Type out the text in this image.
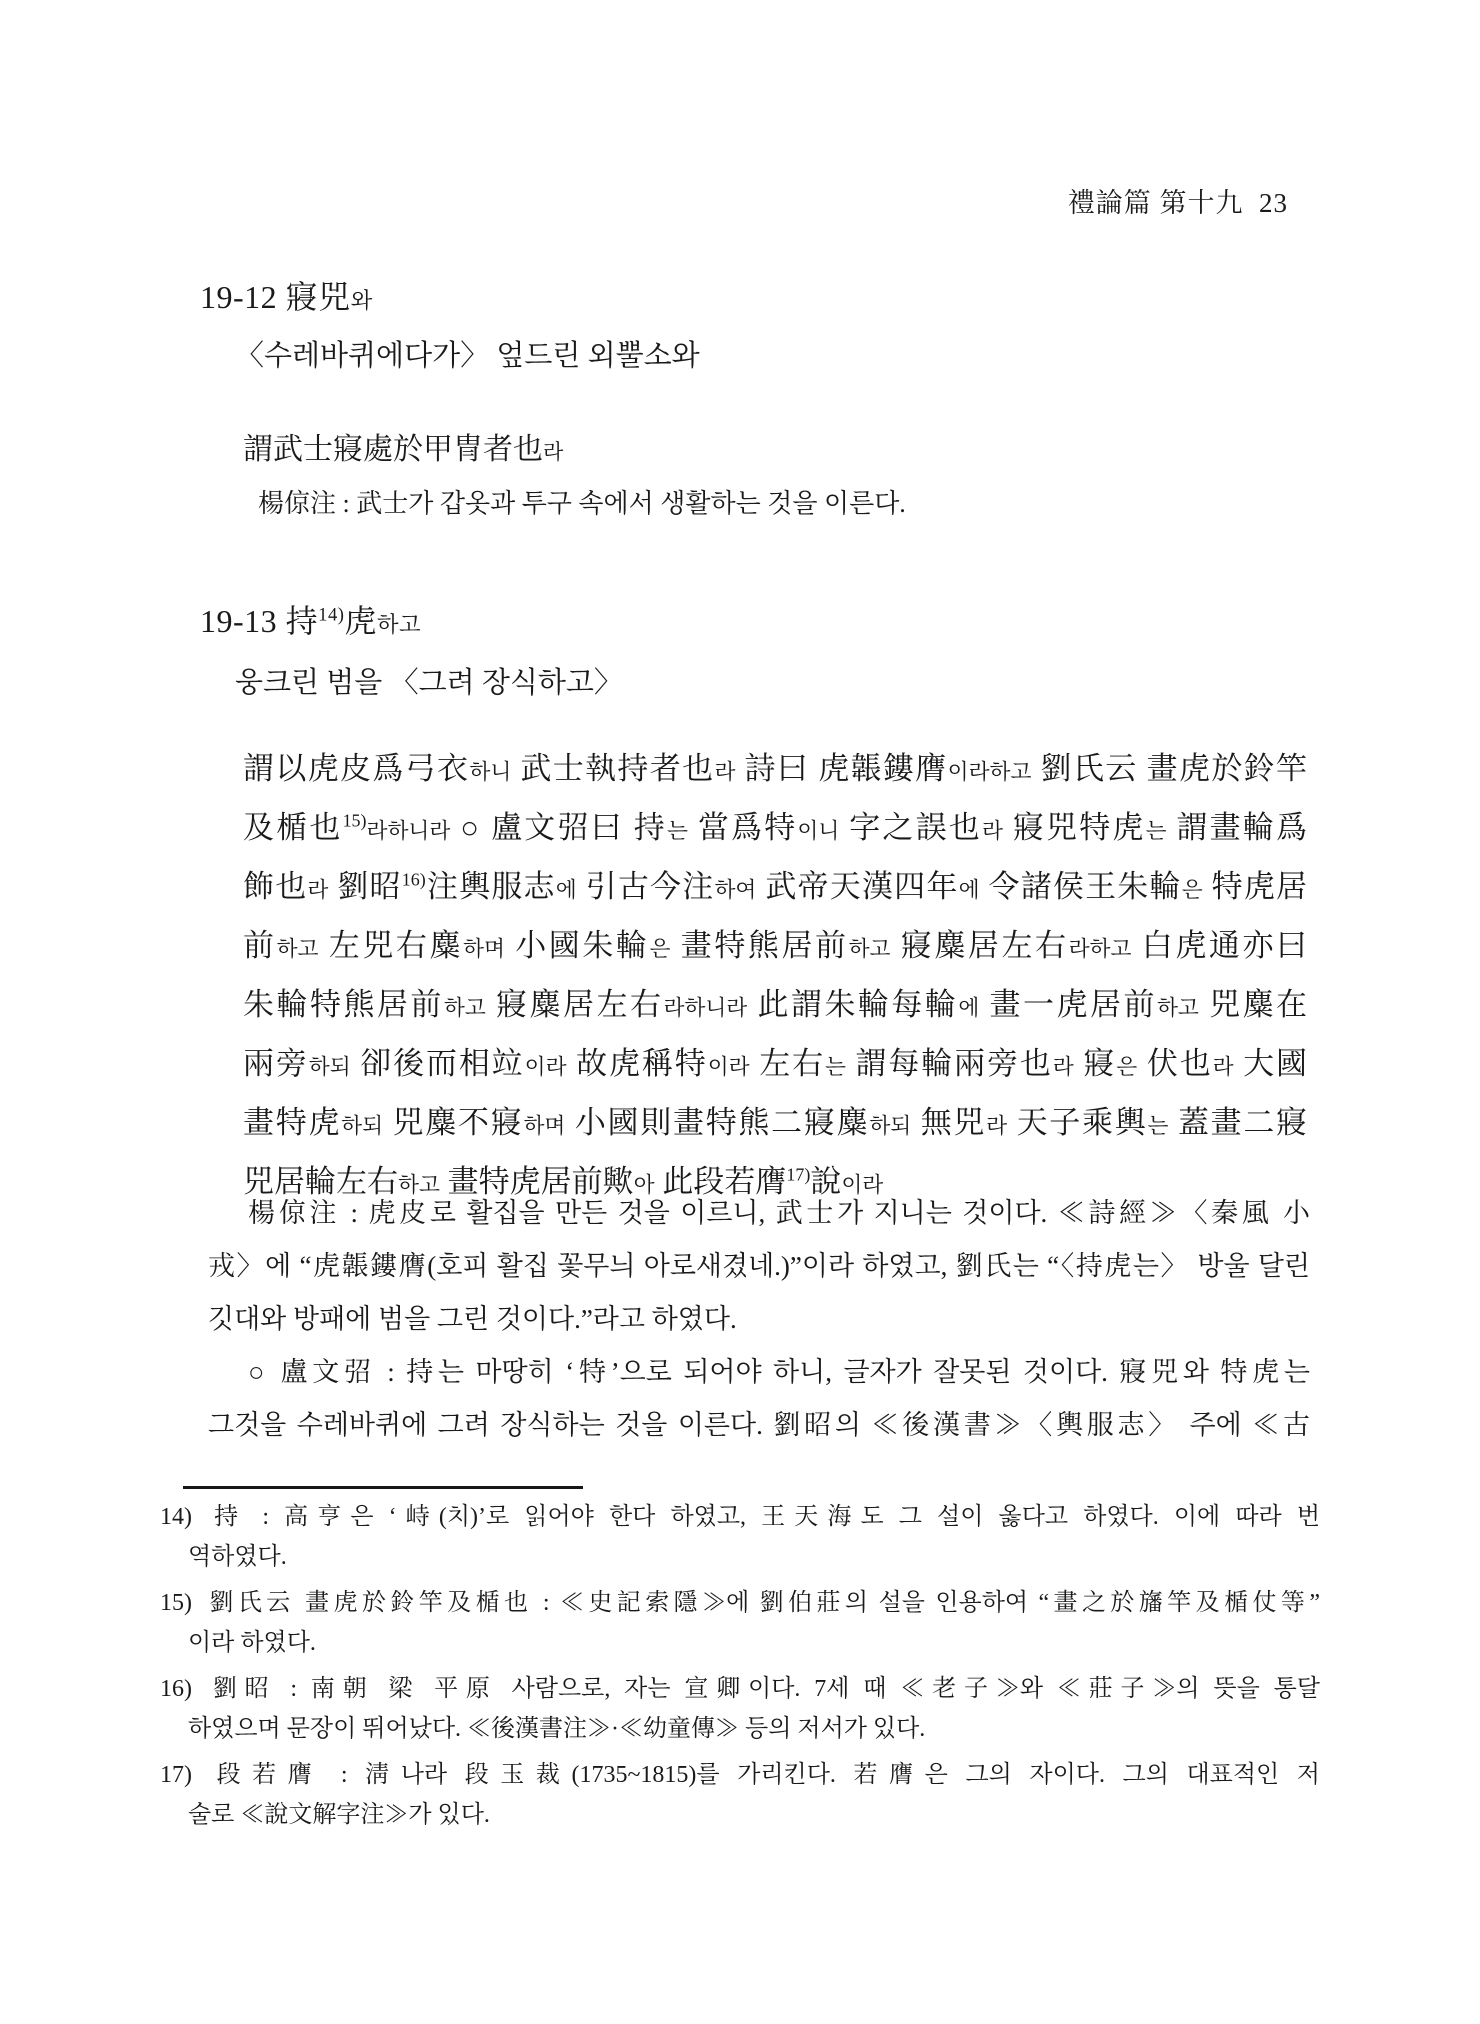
禮論篇 第十九  23
19-12 寢兕와
〈수레바퀴에다가〉 엎드린 외뿔소와
謂武士寢處於甲冑者也라
楊倞注 : 武士가 갑옷과 투구 속에서 생활하는 것을 이른다.
19-13 持$^{14)}$虎하고
웅크린 범을 〈그려 장식하고〉
謂以虎皮爲弓衣하니 武士執持者也라 詩曰 虎韔鏤膺이라하고 劉氏云 畫虎於鈴竿
及楯也$^{15)}$라하니라 ○ 盧文弨曰 持는 當爲特이니 字之誤也라 寢兕特虎는 謂畫輪爲
飾也라 劉昭$^{16)}$注輿服志에 引古今注하여 武帝天漢四年에 令諸侯王朱輪은 特虎居
前하고 左兕右麋하며 小國朱輪은 畫特熊居前하고 寢麋居左右라하고 白虎通亦曰
朱輪特熊居前하고 寢麋居左右라하니라 此謂朱輪每輪에 畫一虎居前하고 兕麋在
兩旁하되 卻後而相竝이라 故虎稱特이라 左右는 謂每輪兩旁也라 寢은 伏也라 大國
畫特虎하되 兕麋不寢하며 小國則畫特熊二寢麋하되 無兕라 天子乘輿는 蓋畫二寢
兕居輪左右하고 畫特虎居前歟아 此段若膺$^{17)}$說이라
楊倞注 : 虎皮로 활집을 만든 것을 이르니, 武士가 지니는 것이다. ≪詩經≫〈秦風 小
戎〉에 “虎韔鏤膺(호피 활집 꽃무늬 아로새겼네.)”이라 하였고, 劉氏는 “〈持虎는〉 방울 달린
깃대와 방패에 범을 그린 것이다.”라고 하였다.
○ 盧文弨 : 持는 마땅히 ‘特’으로 되어야 하니, 글자가 잘못된 것이다. 寢兕와 特虎는
그것을 수레바퀴에 그려 장식하는 것을 이른다. 劉昭의 ≪後漢書≫〈輿服志〉 주에 ≪古
14) 持 : 高亨은 ‘峙(치)’로 읽어야 한다 하였고, 王天海도 그 설이 옳다고 하였다. 이에 따라 번
역하였다.
15) 劉氏云 畫虎於鈴竿及楯也 : ≪史記索隱≫에 劉伯莊의 설을 인용하여 “畫之於旛竿及楯仗等”
이라 하였다.
16) 劉昭 : 南朝 梁 平原 사람으로, 자는 宣卿이다. 7세 때 ≪老子≫와 ≪莊子≫의 뜻을 통달
하였으며 문장이 뛰어났다. ≪後漢書注≫·≪幼童傳≫ 등의 저서가 있다.
17) 段若膺 : 淸나라 段玉裁(1735~1815)를 가리킨다. 若膺은 그의 자이다. 그의 대표적인 저
술로 ≪說文解字注≫가 있다.
